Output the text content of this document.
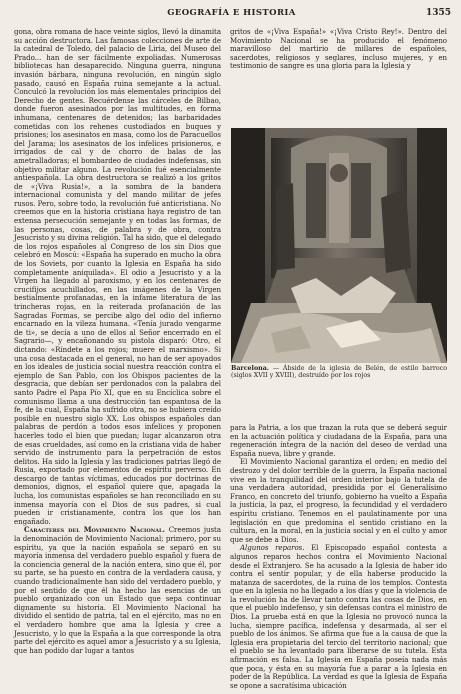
GEOGRAFÍA E HISTORIA	1355

gona, obra romana de hace veinte siglos, llevó la dinamita su acción destructora. Las famosas colecciones de arte de la catedral de Toledo, del palacio de Liria, del Museo del Prado... han de ser fácilmente expoliadas. Numerosas bibliotecas han desaparecido. Ninguna guerra, ninguna invasión bárbara, ninguna revolución, en ningún siglo pasado, causó en España ruina semejante a la actual. Conculcó la revolución los más elementales principios del Derecho de gentes. Recuérdense las cárceles de Bilbao, donde fueron asesinados por las multitudes, en forma inhumana, centenares de detenidos; las barbaridades cometidas con los rehenes custodiados en buques y prisiones; los asesinatos en masa, como los de Paracuellos del Jarama; los asesinatos de los infelices prisioneros, e irrigados de cal y de chorro de balas de las ametralladoras; el bombardeo de ciudades indefensas, sin objetivo militar alguno. La revolución fué esencialmente antiespañola. La obra destructora se realizó a los gritos de «¡Viva Rusia!», a la sombra de la bandera internacional comunista y del mando militar de jefes rusos. Pero, sobre todo, la revolución fué anticristiana. No creemos que en la historia cristiana haya registro de tan extensa persecución semejante y en todas las formas, de las personas, cosas, de palabra y de obra, contra Jesucristo y su divina religión. Tal ha sido, que el delegado de los rojos españoles al Congreso de los sin Dios que celebró en Moscú: «España ha superado en mucho la obra de los Soviets, por cuanto la Iglesia en España ha sido completamente aniquilada». El odio a Jesucristo y a la Virgen ha llegado al paroxismo, y en los centenares de crucifijos acuchillados, en las imágenes de la Virgen bestialmente profanadas, en la infame literatura de las trincheras rojas, en la reiterada profanación de las Sagradas Formas, se percibe algo del odio del infierno encarnado en la vileza humana. «Tenía jurado vengarme de ti», se decía a uno de ellos al Señor encerrado en el Sagrario—, y encañonando su pistola disparó: Otro, el dictando: «Ríndete a los rojos; muere el marxismo». Si una cosa destacada en el general, no han de ser apoyados en los ideales de justicia social nuestra reacción contra el ejemplo de San Pablo, con los Obispos pacientes de la desgracia, que debían ser perdonados con la palabra del santo Padre el Papa Pío XI, que en su Encíclica sobre el comunismo llama a una destrucción tan espantosa de la fe, de la cual, España ha sufrido otra, no se hubiera creído posible en nuestro siglo XX. Los obispos españoles dan palabras de perdón a todos esos infelices y proponen hacerles todo el bien que puedan; lugar alcanzaron otra de esas crueldades, así como en la cristiana vida de haber servido de instrumento para la perpetración de estos delitos. Ha sido la Iglesia y las tradiciones patrias llegó de Rusia, exportado por elementos de espíritu perverso. En descargo de tantas víctimas, educados por doctrinas de demonios, dignos, el español quiere que, apagada la lucha, los comunistas españoles se han reconciliado en su inmensa mayoría con el Dios de sus padres, si cual pueden ir cristianamente, contra los que los han engañado.

Caracteres del Movimiento Nacional. Creemos justa la denominación de Movimiento Nacional; primero, por su espíritu, ya que la nación española se separó en su mayoría inmensa del verdadero pueblo español y fuera de la conciencia general de la nación entera, sino que él, por su parte, se ha puesto en contra de la verdadera causa, y cuando tradicionalmente han sido del verdadero pueblo, y por el sentido de que él ha hecho las esencias de un pueblo organizado con un Estado que sepa continuar dignamente su historia. El Movimiento Nacional ha dividido el sentido de patria, tal en el ejército, mas no en el verdadero hombre que ama la Iglesia y cree a Jesucristo, y lo que la España a la que corresponde la otra parte del ejército es aquel amor a Jesucristo y a su Iglesia, que han podido dar lugar a tantos

gritos de «¡Viva España!» «¡Viva Cristo Rey!». Dentro del Movimiento Nacional se ha producido el fenómeno maravilloso del martirio de millares de españoles, sacerdotes, religiosos y seglares, incluso mujeres, y en testimonio de sangre es una gloria para la Iglesia y

Barcelona. — Ábside de la iglesia de Belén, de estilo barroco (siglos XVII y XVIII), destruído por los rojos

para la Patria, a los que trazan la ruta que se deberá seguir en la actuación política y ciudadana de la España, para una regeneración íntegra de la nación del deseo de verdad una España nueva, libre y grande.

El Movimiento Nacional garantiza el orden; en medio del destrozo y del dolor terrible de la guerra, la España nacional vive en la tranquilidad del orden interior bajo la tutela de una verdadera autoridad, presidida por el Generalísimo Franco, en concreto del triunfo, gobierno ha vuelto a España la justicia, la paz, el progreso, la fecundidad y el verdadero espíritu cristiano. Tenemos en el paulatinamente por una legislación en que predomina el sentido cristiano en la cultura, en la moral, en la justicia social y en el culto y amor que se debe a Dios.

Algunos reparos. El Episcopado español contesta a algunos reparos hechos contra el Movimiento Nacional desde el Extranjero. Se ha acusado a la Iglesia de haber ido contra el sentir popular, y de ella haberse producido la matanza de sacerdotes, de la ruina de los templos. Contesta que en la iglesia no ha llegado a los días y que la violencia de la revolución ha de llevar tanto contra las cosas de Dios, en que el pueblo indefenso, y sin defensas contra el ministro de Dios. La prueba está en que la Iglesia no provocó nunca la lucha, siempre pacífica, indefensa y desarmada, al ser el pueblo de los ánimos. Se afirma que fue a la causa de que la Iglesia era propietaria del tercio del territorio nacional; que el pueblo se ha levantado para liberarse de su tutela. Esta afirmación es falsa. La Iglesia en España poseía nada más que poca, y ésta en su mayoría fue a parar a la Iglesia en poder de la República. La verdad es que la Iglesia de España se opone a sacratísima ubicación
